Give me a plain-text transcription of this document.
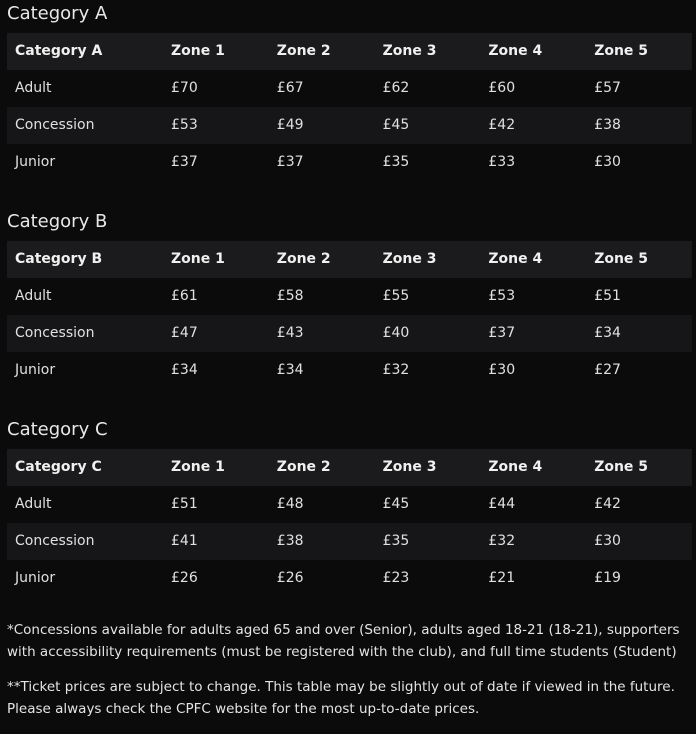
Category A
Category A	Zone 1	Zone 2	Zone 3	Zone 4	Zone 5
Adult	£70	£67	£62	£60	£57
Concession	£53	£49	£45	£42	£38
Junior	£37	£37	£35	£33	£30
Category B
Category B	Zone 1	Zone 2	Zone 3	Zone 4	Zone 5
Adult	£61	£58	£55	£53	£51
Concession	£47	£43	£40	£37	£34
Junior	£34	£34	£32	£30	£27
Category C
Category C	Zone 1	Zone 2	Zone 3	Zone 4	Zone 5
Adult	£51	£48	£45	£44	£42
Concession	£41	£38	£35	£32	£30
Junior	£26	£26	£23	£21	£19

*Concessions available for adults aged 65 and over (Senior), adults aged 18-21 (18-21), supporters with accessibility requirements (must be registered with the club), and full time students (Student)

**Ticket prices are subject to change. This table may be slightly out of date if viewed in the future. Please always check the CPFC website for the most up-to-date prices.
